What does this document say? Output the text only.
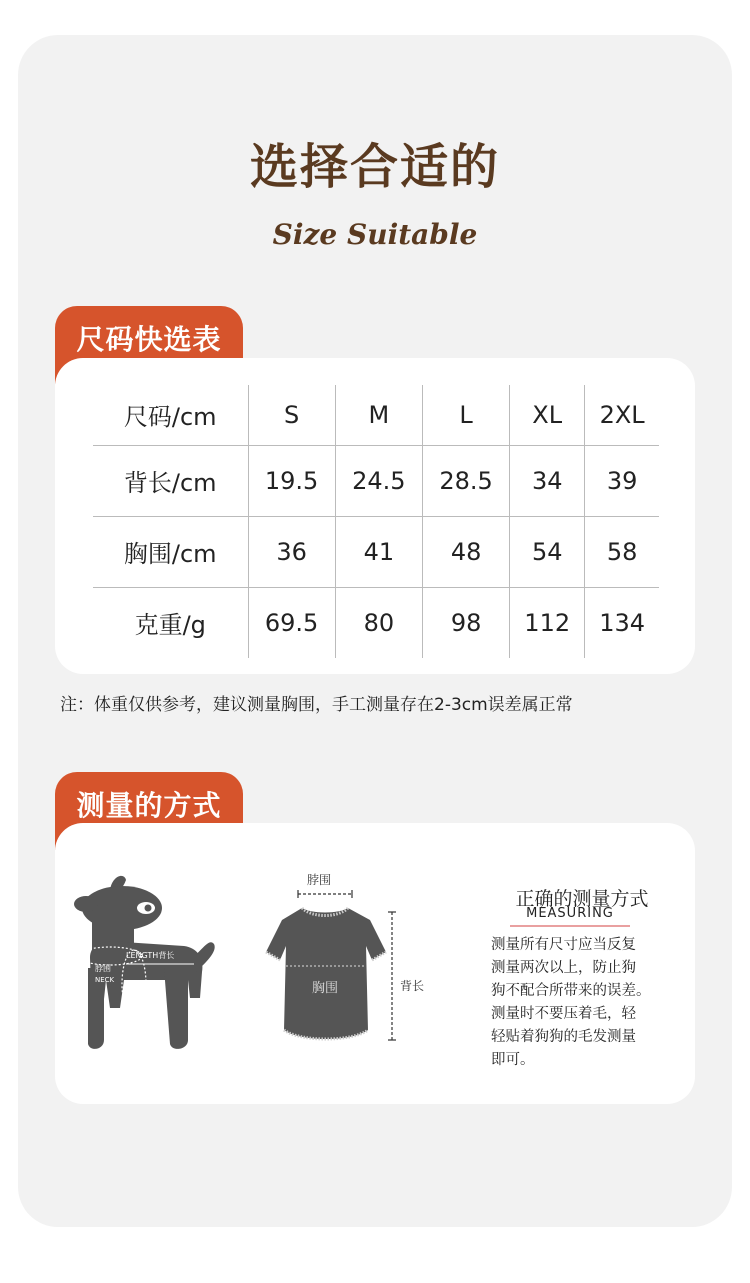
选择合适的
Size Suitable
尺码快选表
尺码/cm	S	M	L	XL	2XL
背长/cm	19.5	24.5	28.5	34	39
胸围/cm	36	41	48	54	58
克重/g	69.5	80	98	112	134
注：体重仅供参考，建议测量胸围，手工测量存在2-3cm误差属正常
测量的方式
LENGTH背长
脖围
NECK
胸围
CHEST
脖围
胸围	背长
正确的测量方式
MEASURING
测量所有尺寸应当反复
测量两次以上，防止狗
狗不配合所带来的误差。
测量时不要压着毛，轻
轻贴着狗狗的毛发测量
即可。
